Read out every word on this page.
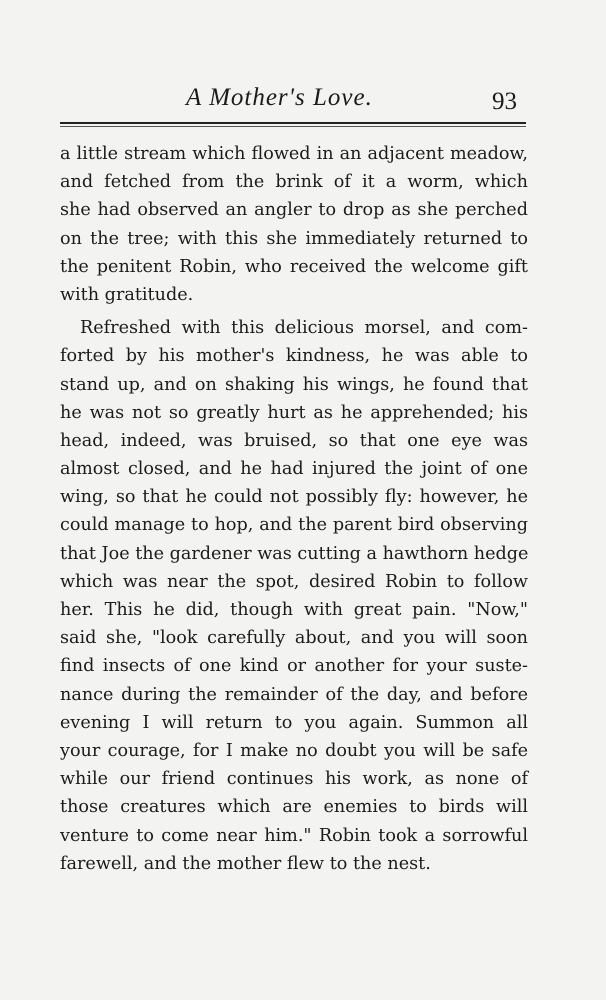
A Mother's Love.	93
a little stream which flowed in an adjacent meadow,
and fetched from the brink of it a worm, which
she had observed an angler to drop as she perched
on the tree; with this she immediately returned to
the penitent Robin, who received the welcome gift
with gratitude.
Refreshed with this delicious morsel, and com-
forted by his mother's kindness, he was able to
stand up, and on shaking his wings, he found that
he was not so greatly hurt as he apprehended; his
head, indeed, was bruised, so that one eye was
almost closed, and he had injured the joint of one
wing, so that he could not possibly fly: however, he
could manage to hop, and the parent bird observing
that Joe the gardener was cutting a hawthorn hedge
which was near the spot, desired Robin to follow
her. This he did, though with great pain. "Now,"
said she, "look carefully about, and you will soon
find insects of one kind or another for your suste-
nance during the remainder of the day, and before
evening I will return to you again. Summon all
your courage, for I make no doubt you will be safe
while our friend continues his work, as none of
those creatures which are enemies to birds will
venture to come near him." Robin took a sorrowful
farewell, and the mother flew to the nest.
